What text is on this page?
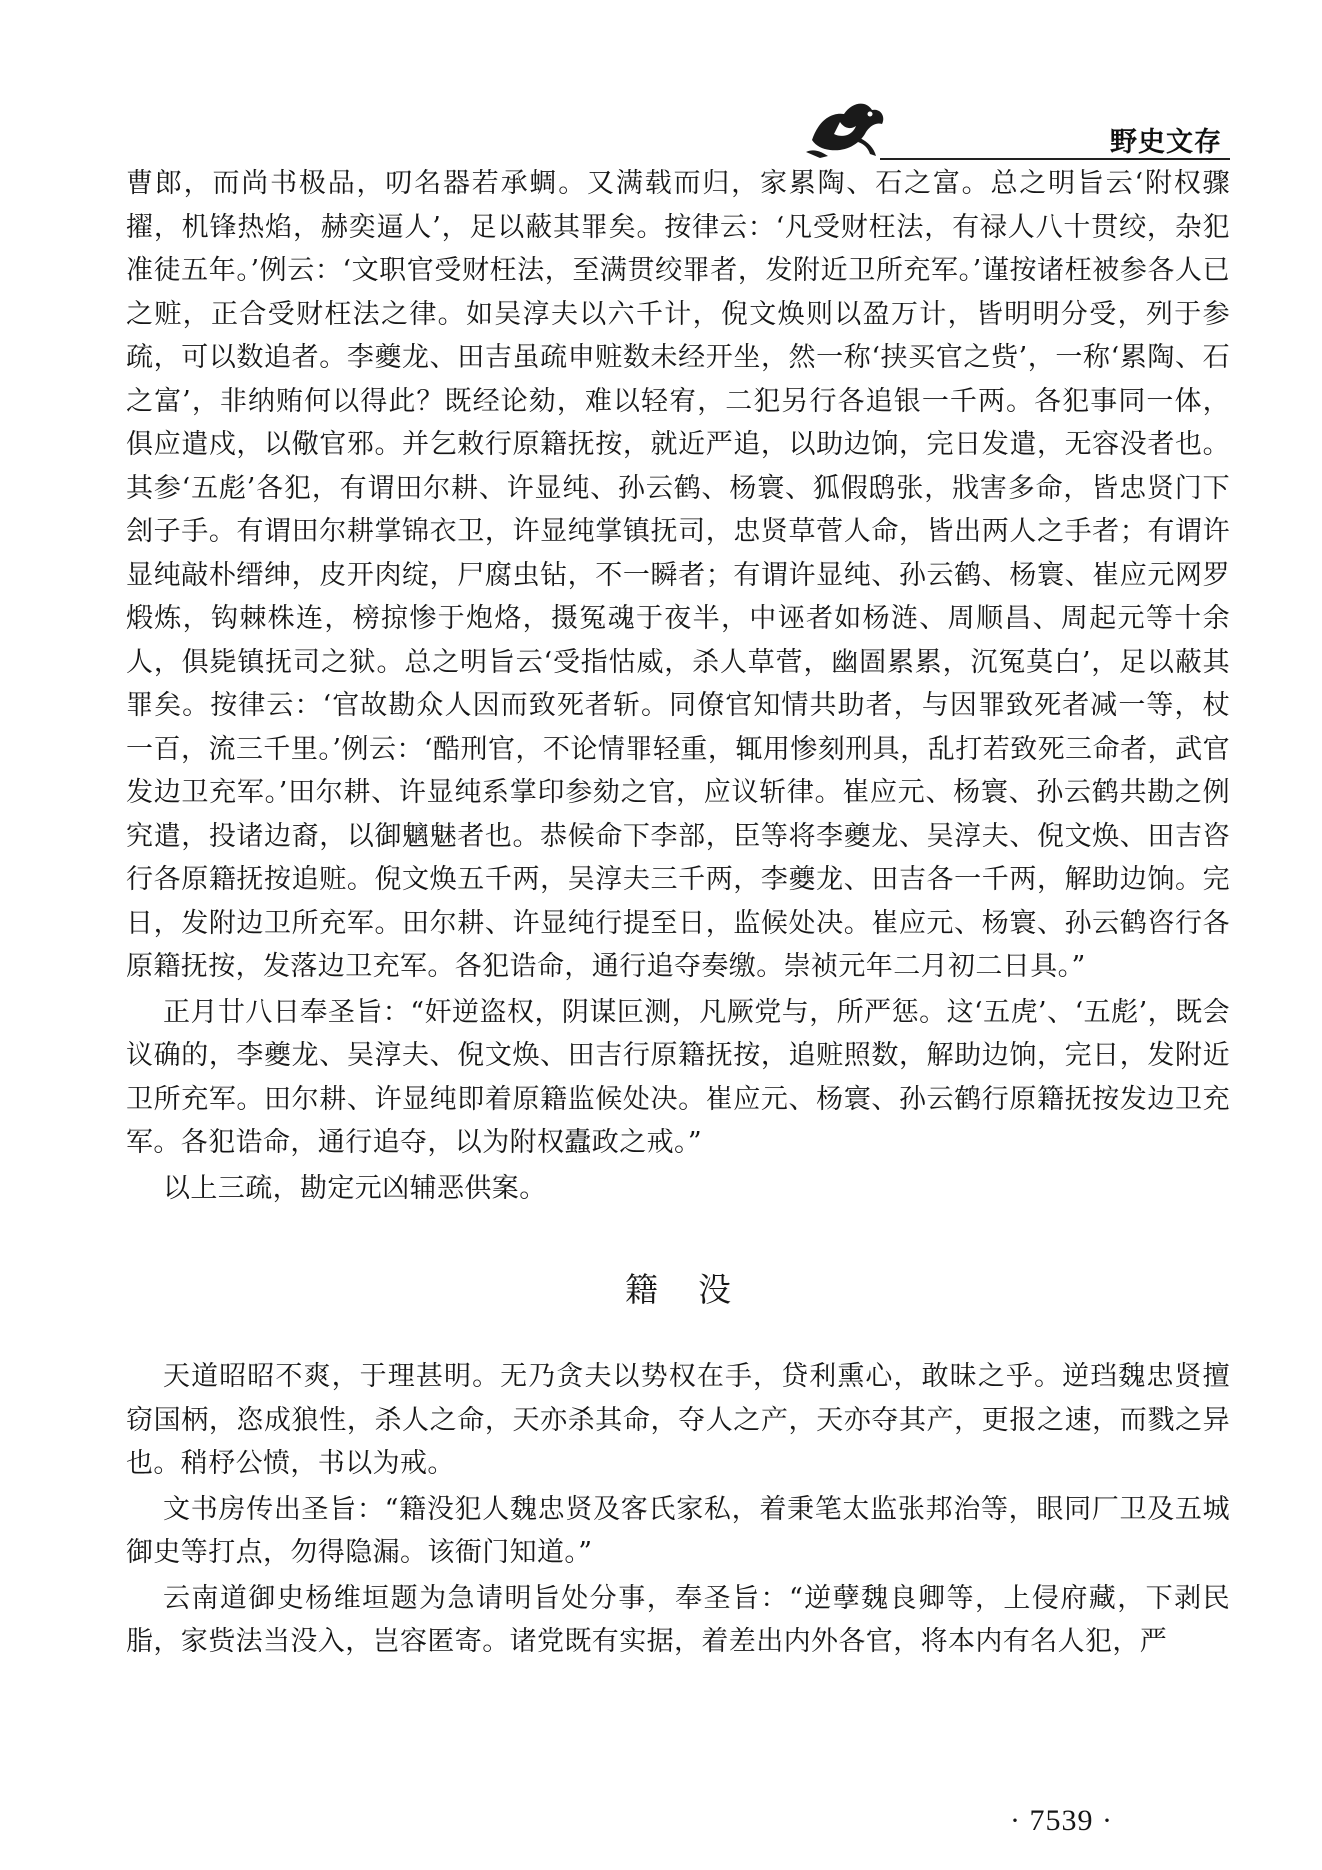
野史文存

曹郎，而尚书极品，叨名器若承蜩。又满载而归，家累陶、石之富。总之明旨云‘附权骤擢，机锋热焰，赫奕逼人’，足以蔽其罪矣。按律云：‘凡受财枉法，有禄人八十贯绞，杂犯准徒五年。’例云：‘文职官受财枉法，至满贯绞罪者，发附近卫所充军。’谨按诸枉被参各人已之赃，正合受财枉法之律。如吴淳夫以六千计，倪文焕则以盈万计，皆明明分受，列于参疏，可以数追者。李夔龙、田吉虽疏申赃数未经开坐，然一称‘挟买官之赀’，一称‘累陶、石之富’，非纳贿何以得此？既经论劾，难以轻宥，二犯另行各追银一千两。各犯事同一体，俱应遣戍，以儆官邪。并乞敕行原籍抚按，就近严追，以助边饷，完日发遣，无容没者也。其参‘五彪’各犯，有谓田尔耕、许显纯、孙云鹤、杨寰、狐假鸱张，戕害多命，皆忠贤门下刽子手。有谓田尔耕掌锦衣卫，许显纯掌镇抚司，忠贤草菅人命，皆出两人之手者；有谓许显纯敲朴缙绅，皮开肉绽，尸腐虫钻，不一瞬者；有谓许显纯、孙云鹤、杨寰、崔应元网罗煅炼，钩棘株连，榜掠惨于炮烙，摄冤魂于夜半，中诬者如杨涟、周顺昌、周起元等十余人，俱毙镇抚司之狱。总之明旨云‘受指怙威，杀人草菅，幽圄累累，沉冤莫白’，足以蔽其罪矣。按律云：‘官故勘众人因而致死者斩。同僚官知情共助者，与因罪致死者减一等，杖一百，流三千里。’例云：‘酷刑官，不论情罪轻重，辄用惨刻刑具，乱打若致死三命者，武官发边卫充军。’田尔耕、许显纯系掌印参劾之官，应议斩律。崔应元、杨寰、孙云鹤共勘之例究遣，投诸边裔，以御魑魅者也。恭候命下李部，臣等将李夔龙、吴淳夫、倪文焕、田吉咨行各原籍抚按追赃。倪文焕五千两，吴淳夫三千两，李夔龙、田吉各一千两，解助边饷。完日，发附边卫所充军。田尔耕、许显纯行提至日，监候处决。崔应元、杨寰、孙云鹤咨行各原籍抚按，发落边卫充军。各犯诰命，通行追夺奏缴。崇祯元年二月初二日具。”

正月廿八日奉圣旨：“奸逆盗权，阴谋叵测，凡厥党与，所严惩。这‘五虎’、‘五彪’，既会议确的，李夔龙、吴淳夫、倪文焕、田吉行原籍抚按，追赃照数，解助边饷，完日，发附近卫所充军。田尔耕、许显纯即着原籍监候处决。崔应元、杨寰、孙云鹤行原籍抚按发边卫充军。各犯诰命，通行追夺，以为附权蠹政之戒。”

以上三疏，勘定元凶辅恶供案。

籍没

天道昭昭不爽，于理甚明。无乃贪夫以势权在手，贷利熏心，敢昧之乎。逆珰魏忠贤擅窃国柄，恣成狼性，杀人之命，天亦杀其命，夺人之产，天亦夺其产，更报之速，而戮之异也。稍杼公愤，书以为戒。

文书房传出圣旨：“籍没犯人魏忠贤及客氏家私，着秉笔太监张邦治等，眼同厂卫及五城御史等打点，勿得隐漏。该衙门知道。”

云南道御史杨维垣题为急请明旨处分事，奉圣旨：“逆孽魏良卿等，上侵府藏，下剥民脂，家赀法当没入，岂容匿寄。诸党既有实据，着差出内外各官，将本内有名人犯，严

· 7539 ·
